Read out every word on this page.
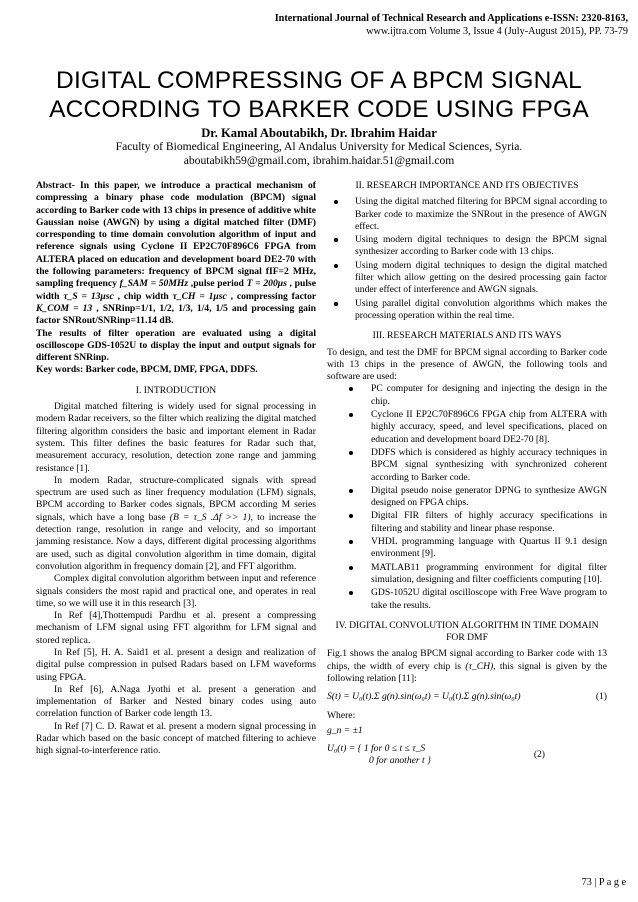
International Journal of Technical Research and Applications e-ISSN: 2320-8163,
www.ijtra.com Volume 3, Issue 4 (July-August 2015), PP. 73-79
DIGITAL COMPRESSING OF A BPCM SIGNAL
ACCORDING TO BARKER CODE USING FPGA
Dr. Kamal Aboutabikh, Dr. Ibrahim Haidar
Faculty of Biomedical Engineering, Al Andalus University for Medical Sciences, Syria.
aboutabikh59@gmail.com, ibrahim.haidar.51@gmail.com
Abstract- In this paper, we introduce a practical mechanism of compressing a binary phase code modulation (BPCM) signal according to Barker code with 13 chips in presence of additive white Gaussian noise (AWGN) by using a digital matched filter (DMF) corresponding to time domain convolution algorithm of input and reference signals using Cyclone II EP2C70F896C6 FPGA from ALTERA placed on education and development board DE2-70 with the following parameters: frequency of BPCM signal fIF=2 MHz, sampling frequency f_SAM = 50MHz ,pulse period T = 200μs , pulse width τ_S = 13μsc , chip width τ_CH = 1μsc , compressing factor K_COM = 13 , SNRinp=1/1, 1/2, 1/3, 1/4, 1/5 and processing gain factor SNRout/SNRinp=11.14 dB.
The results of filter operation are evaluated using a digital oscilloscope GDS-1052U to display the input and output signals for different SNRinp.
Key words: Barker code, BPCM, DMF, FPGA, DDFS.
I. INTRODUCTION

Digital matched filtering is widely used for signal processing in modern Radar receivers, so the filter which realizing the digital matched filtering algorithm considers the basic and important element in Radar system. This filter defines the basic features for Radar such that, measurement accuracy, resolution, detection zone range and jamming resistance [1].

In modern Radar, structure-complicated signals with spread spectrum are used such as liner frequency modulation (LFM) signals, BPCM according to Barker codes signals, BPCM according M series signals, which have a long base (B = τ_S .Δf >> 1), to increase the detection range, resolution in range and velocity, and so important jamming resistance. Now a days, different digital processing algorithms are used, such as digital convolution algorithm in time domain, digital convolution algorithm in frequency domain [2], and FFT algorithm.

Complex digital convolution algorithm between input and reference signals considers the most rapid and practical one, and operates in real time, so we will use it in this research [3].

In Ref [4],Thottempudi Pardhu et al. present a compressing mechanism of LFM signal using FFT algorithm for LFM signal and stored replica.

In Ref [5], H. A. Said1 et al. present a design and realization of digital pulse compression in pulsed Radars based on LFM waveforms using FPGA.

In Ref [6], A.Naga Jyothi et al. present a generation and implementation of Barker and Nested binary codes using auto correlation function of Barker code length 13.

In Ref [7] C. D. Rawat et al. present a modern signal processing in Radar which based on the basic concept of matched filtering to achieve high signal-to-interference ratio.

II. RESEARCH IMPORTANCE AND ITS OBJECTIVES
Using the digital matched filtering for BPCM signal according to Barker code to maximize the SNRout in the presence of AWGN effect.
Using modern digital techniques to design the BPCM signal synthesizer according to Barker code with 13 chips.
Using modern digital techniques to design the digital matched filter which allow getting on the desired processing gain factor under effect of interference and AWGN signals.
Using parallel digital convolution algorithms which makes the processing operation within the real time.
III. RESEARCH MATERIALS AND ITS WAYS

To design, and test the DMF for BPCM signal according to Barker code with 13 chips in the presence of AWGN, the following tools and software are used:

PC computer for designing and injecting the design in the chip.
Cyclone II EP2C70F896C6 FPGA chip from ALTERA with highly accuracy, speed, and level specifications, placed on education and development board DE2-70 [8].
DDFS which is considered as highly accuracy techniques in BPCM signal synthesizing with synchronized coherent according to Barker code.
Digital pseudo noise generator DPNG to synthesize AWGN designed on FPGA chips.
Digital FIR filters of highly accuracy specifications in filtering and stability and linear phase response.
VHDL programming language with Quartus II 9.1 design environment [9].
MATLAB11 programming environment for digital filter simulation, designing and filter coefficients computing [10].
GDS-1052U digital oscilloscope with Free Wave program to take the results.
IV. DIGITAL CONVOLUTION ALGORITHM IN TIME DOMAIN FOR DMF

Fig.1 shows the analog BPCM signal according to Barker code with 13 chips, the width of every chip is (τ_CH), this signal is given by the following relation [11]:

S(t) = U₀(t).Σ g(n).sin(ω₀t) = U₀(t).Σ g(n).sin(ω₀t)	(1)
Where:
g_n = ±1
U₀(t) = { 1 for 0 ≤ t ≤ τ_S
0 for another t }
(2)
73 | P a g e
